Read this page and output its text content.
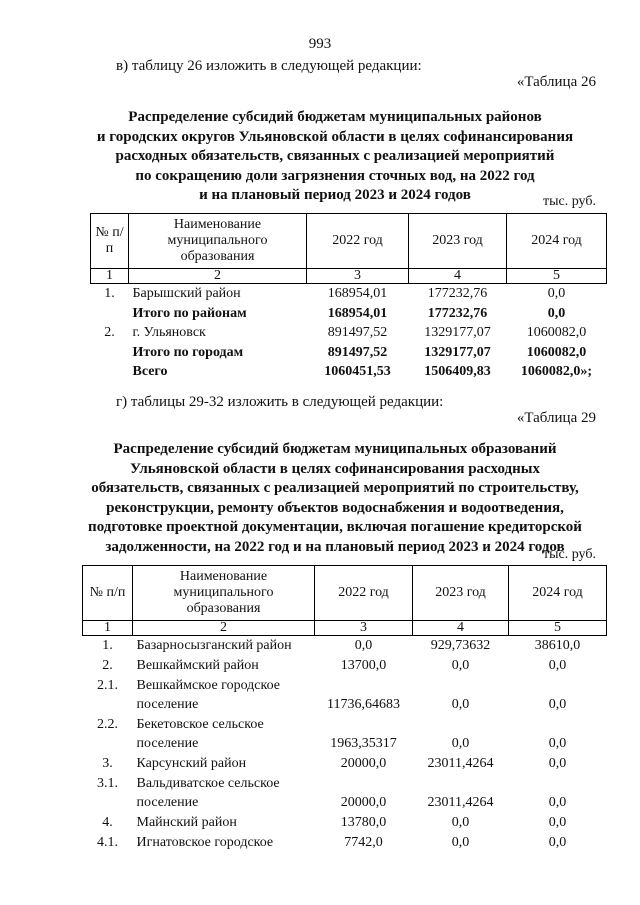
993
в) таблицу 26 изложить в следующей редакции:
«Таблица 26
Распределение субсидий бюджетам муниципальных районов
и городских округов Ульяновской области в целях софинансирования
расходных обязательств, связанных с реализацией мероприятий
по сокращению доли загрязнения сточных вод, на 2022 год
и на плановый период 2023 и 2024 годов	тыс. руб.
№ п/п	Наименование муниципального образования	2022 год	2023 год	2024 год
1	2	3	4	5
1.	Барышский район	168954,01	177232,76	0,0
	Итого по районам	168954,01	177232,76	0,0
2.	г. Ульяновск	891497,52	1329177,07	1060082,0
	Итого по городам	891497,52	1329177,07	1060082,0
	Всего	1060451,53	1506409,83	1060082,0»;
г) таблицы 29-32 изложить в следующей редакции:
«Таблица 29
Распределение субсидий бюджетам муниципальных образований
Ульяновской области в целях софинансирования расходных
обязательств, связанных с реализацией мероприятий по строительству,
реконструкции, ремонту объектов водоснабжения и водоотведения,
подготовке проектной документации, включая погашение кредиторской
задолженности, на 2022 год и на плановый период 2023 и 2024 годов
тыс. руб.
№ п/п	Наименование муниципального образования	2022 год	2023 год	2024 год
1	2	3	4	5
1.	Базарносызганский район	0,0	929,73632	38610,0
2.	Вешкаймский район	13700,0	0,0	0,0
2.1.	Вешкаймское городское поселение	11736,64683	0,0	0,0
2.2.	Бекетовское сельское поселение	1963,35317	0,0	0,0
3.	Карсунский район	20000,0	23011,4264	0,0
3.1.	Вальдиватское сельское поселение	20000,0	23011,4264	0,0
4.	Майнский район	13780,0	0,0	0,0
4.1.	Игнатовское городское	7742,0	0,0	0,0
